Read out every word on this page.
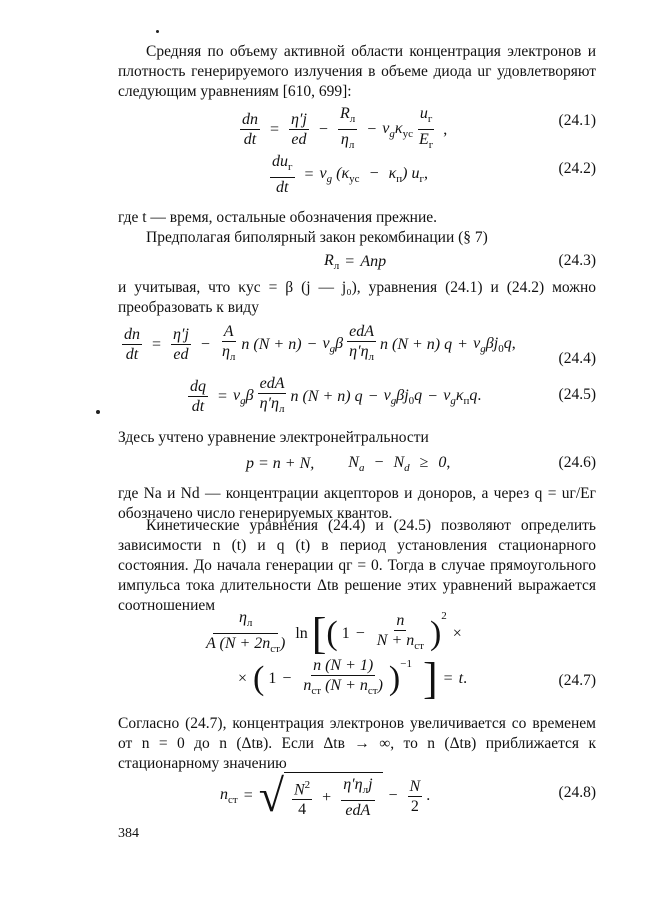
Средняя по объему активной области концентрация электронов и плотность генерируемого излучения в объеме диода uг удовлетворяют следующим уравнениям [610, 699]:
$\frac{dn}{dt} = \frac{\eta'j}{ed} - \frac{R_л}{\eta_л} - v_g\kappa_{ус} \frac{u_г}{E_г}$ ,
(24.1)
$\frac{du_г}{dt} = v_g$ $(\kappa_{ус} - \kappa_п)$ $u_г$,	(24.2)
где t — время, остальные обозначения прежние.
Предполагая биполярный закон рекомбинации (§ 7)
$R_л$ = Anp	(24.3)
и учитывая, что κус = β (j — j₀), уравнения (24.1) и (24.2) можно преобразовать к виду
$\frac{dn}{dt} = \frac{\eta'j}{ed} - \frac{A}{\eta_л}$ n $(N + n) - v_g\beta \frac{\text{edA}}{\eta'\eta_л}$ n (N + n) $q + v_g\beta j_0q$,
(24.4)
$\frac{dq}{dt} = v_g\beta \frac{\text{edA}}{\eta'\eta_л}$ n (N + n) $q - v_g\beta j_0q - v_g\kappa_пq$.	(24.5)
Здесь учтено уравнение электронейтральности
p = n + N, $N_a - N_d \ge 0$,	(24.6)
где Nа и Nd — концентрации акцепторов и доноров, а через q = uг/Eг обозначено число генерируемых квантов.
Кинетические уравнения (24.4) и (24.5) позволяют определить зависимости n (t) и q (t) в период установления стационарного состояния. До начала генерации qг = 0. Тогда в случае прямоугольного импульса тока длительности Δtв решение этих уравнений выражается соотношением
$\frac{\eta_л}{A (N + 2n_{ст})}$ ln [ ( $1 - \frac{n}{N + n_{ст}} )^2$
×
× ( $1 - \frac{n (N + 1)}{n_{ст} (N + n_{ст})} )^{-1}$ ] = t.	(24.7)
Согласно (24.7), концентрация электронов увеличивается со временем от n = 0 до n (Δtв). Если Δtв → ∞, то n (Δtв) приближается к стационарному значению
$n_{ст}$ = √ $\frac{N^2}{4} + \frac{\eta'\eta_лj}{\text{edA}} - \frac{N}{2}$ .	(24.8)
384
